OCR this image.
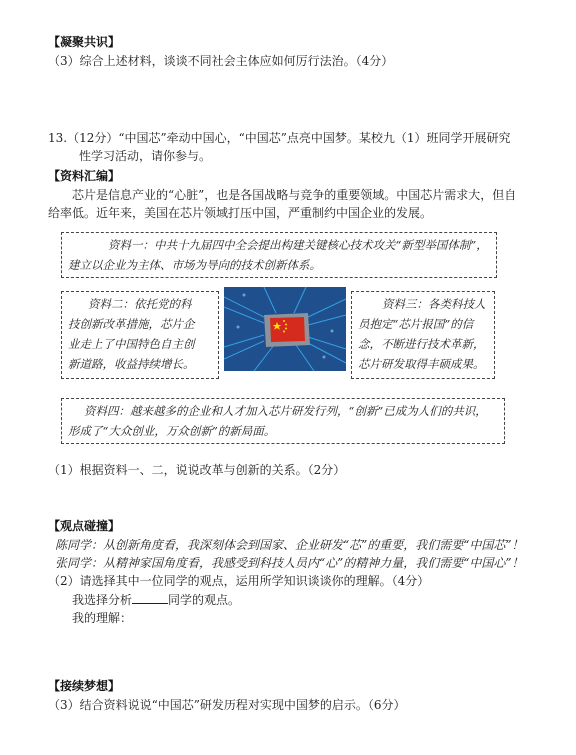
【凝聚共识】
（3）综合上述材料，谈谈不同社会主体应如何厉行法治。（4分）
13.（12分）“中国芯”牵动中国心，“中国芯”点亮中国梦。某校九（1）班同学开展研究
性学习活动，请你参与。
【资料汇编】
芯片是信息产业的“心脏”，也是各国战略与竞争的重要领域。中国芯片需求大，但自
给率低。近年来，美国在芯片领域打压中国，严重制约中国企业的发展。
资料一：中共十九届四中全会提出构建关键核心技术攻关“新型举国体制”，
建立以企业为主体、市场为导向的技术创新体系。
资料二：依托党的科
技创新改革措施，芯片企
业走上了中国特色自主创
新道路，收益持续增长。
资料三：各类科技人
员抱定“芯片报国”的信
念，不断进行技术革新，
芯片研发取得丰硕成果。
资料四：越来越多的企业和人才加入芯片研发行列，“创新”已成为人们的共识，
形成了“大众创业，万众创新”的新局面。
（1）根据资料一、二，说说改革与创新的关系。（2分）
【观点碰撞】
陈同学：从创新角度看，我深刻体会到国家、企业研发“芯”的重要，我们需要“中国芯”！
张同学：从精神家国角度看，我感受到科技人员内“心”的精神力量，我们需要“中国心”！
（2）请选择其中一位同学的观点，运用所学知识谈谈你的理解。（4分）
我选择分析	同学的观点。
我的理解：
【接续梦想】
（3）结合资料说说“中国芯”研发历程对实现中国梦的启示。（6分）
